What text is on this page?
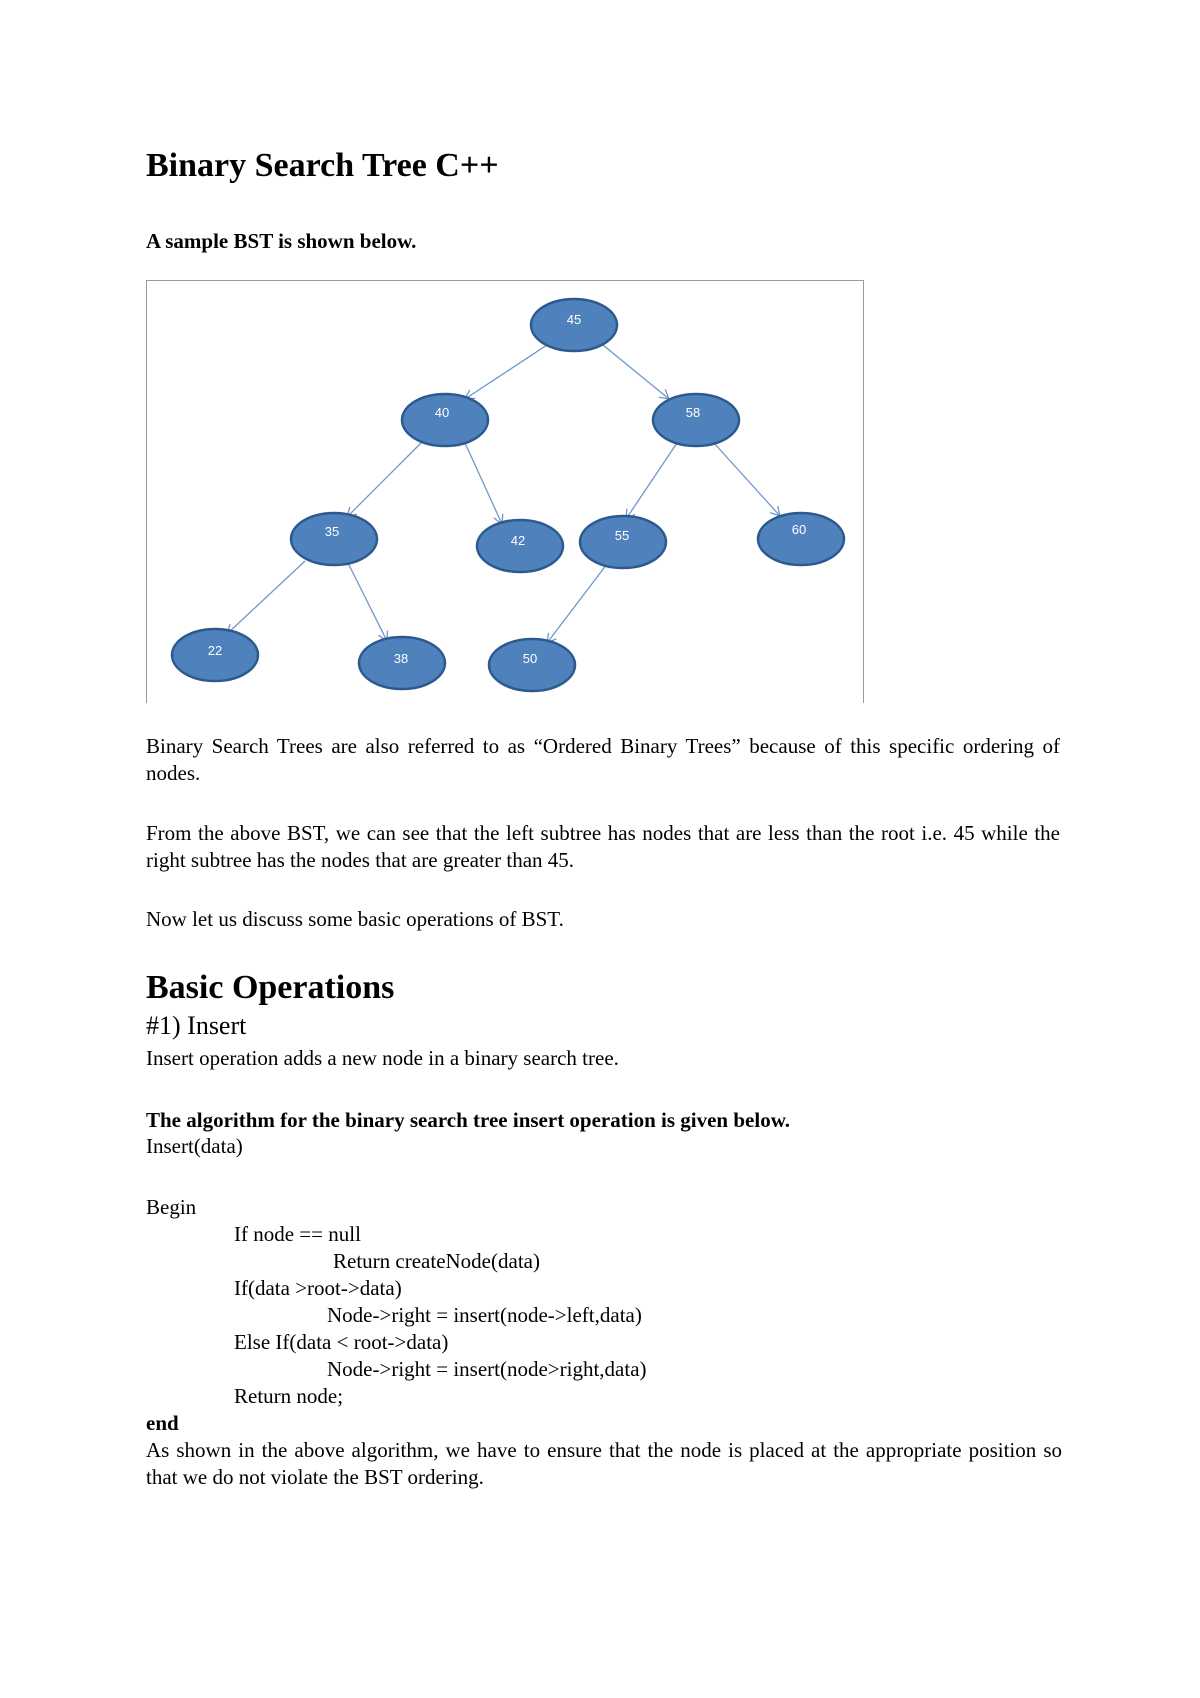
Binary Search Tree C++
A sample BST is shown below.
45
40	58
35
42	55	60
22
38	50
Binary Search Trees are also referred to as “Ordered Binary Trees” because of this specific ordering of nodes.
From the above BST, we can see that the left subtree has nodes that are less than the root i.e. 45 while the right subtree has the nodes that are greater than 45.
Now let us discuss some basic operations of BST.
Basic Operations
#1) Insert
Insert operation adds a new node in a binary search tree.
The algorithm for the binary search tree insert operation is given below.
Insert(data)
Begin
If node == null
Return createNode(data)
If(data >root->data)
Node->right = insert(node->left,data)
Else If(data < root->data)
Node->right = insert(node>right,data)
Return node;
end
As shown in the above algorithm, we have to ensure that the node is placed at the appropriate position so that we do not violate the BST ordering.
